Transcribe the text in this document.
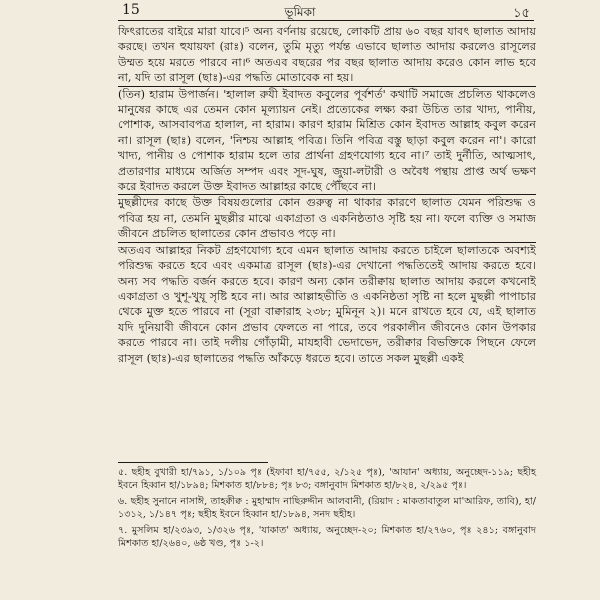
15	ভূমিকা	১৫

ফিৎরাতের বাইরে মারা যাবে।⁵ অন্য বর্ণনায় রয়েছে, লোকটি প্রায় ৬০ বছর যাবৎ ছালাত আদায় করছে। তখন হুযায়ফা (রাঃ) বলেন, তুমি মৃত্যু পর্যন্ত এভাবে ছালাত আদায় করলেও রাসূলের উম্মত হয়ে মরতে পারবে না।⁶ অতএব বছরের পর বছর ছালাত আদায় করেও কোন লাভ হবে না, যদি তা রাসূল (ছাঃ)-এর পদ্ধতি মোতাবেক না হয়।

(তিন) হারাম উপার্জন। 'হালাল রুযী ইবাদত কবুলের পূর্বশর্ত' কথাটি সমাজে প্রচলিত থাকলেও মানুষের কাছে এর তেমন কোন মূল্যায়ন নেই। প্রত্যেকের লক্ষ্য করা উচিত তার খাদ্য, পানীয়, পোশাক, আসবাবপত্র হালাল, না হারাম। কারণ হারাম মিশ্রিত কোন ইবাদত আল্লাহ কবুল করেন না। রাসূল (ছাঃ) বলেন, 'নিশ্চয় আল্লাহ পবিত্র। তিনি পবিত্র বস্তু ছাড়া কবুল করেন না'। কারো খাদ্য, পানীয় ও পোশাক হারাম হলে তার প্রার্থনা গ্রহণযোগ্য হবে না।⁷ তাই দুর্নীতি, আত্মসাৎ, প্রতারণার মাধ্যমে অর্জিত সম্পদ এবং সূদ-ঘুষ, জুয়া-লটারী ও অবৈধ পন্থায় প্রাপ্ত অর্থ ভক্ষণ করে ইবাদত করলে উক্ত ইবাদত আল্লাহর কাছে পৌঁছবে না।

মুছল্লীদের কাছে উক্ত বিষয়গুলোর কোন গুরুত্ব না থাকার কারণে ছালাত যেমন পরিশুদ্ধ ও পবিত্র হয় না, তেমনি মুছল্লীর মাঝে একাগ্রতা ও একনিষ্ঠতাও সৃষ্টি হয় না। ফলে ব্যক্তি ও সমাজ জীবনে প্রচলিত ছালাতের কোন প্রভাবও পড়ে না।

অতএব আল্লাহর নিকট গ্রহণযোগ্য হবে এমন ছালাত আদায় করতে চাইলে ছালাতকে অবশ্যই পরিশুদ্ধ করতে হবে এবং একমাত্র রাসূল (ছাঃ)-এর দেখানো পদ্ধতিতেই আদায় করতে হবে। অন্য সব পদ্ধতি বর্জন করতে হবে। কারণ অন্য কোন তরীক্বায় ছালাত আদায় করলে কখনোই একাগ্রতা ও খুশূ-খুযূ সৃষ্টি হবে না। আর আল্লাহভীতি ও একনিষ্ঠতা সৃষ্টি না হলে মুছল্লী পাপাচার থেকে মুক্ত হতে পারবে না (সূরা বাক্বারাহ ২৩৮; মুমিনূন ২)। মনে রাখতে হবে যে, এই ছালাত যদি দুনিয়াবী জীবনে কোন প্রভাব ফেলতে না পারে, তবে পরকালীন জীবনেও কোন উপকার করতে পারবে না। তাই দলীয় গোঁড়ামী, মাযহাবী ভেদাভেদ, তরীক্বার বিভক্তিকে পিছনে ফেলে রাসূল (ছাঃ)-এর ছালাতের পদ্ধতি আঁকড়ে ধরতে হবে। তাতে সকল মুছল্লী একই

৫. ছহীহ বুখারী হা/৭৯১, ১/১০৯ পৃঃ (ইফাবা হা/৭৫৫, ২/১২৫ পৃঃ), 'আযান' অধ্যায়, অনুচ্ছেদ-১১৯; ছহীহ ইবনে হিব্বান হা/১৮৯৪; মিশকাত হা/৮৮৪; পৃঃ ৮৩; বঙ্গানুবাদ মিশকাত হা/৮২৪, ২/২৯৫ পৃঃ।

৬. ছহীহ সুনানে নাসাঈ, তাহক্বীক্ব : মুহাম্মাদ নাছিরুদ্দীন আলবানী, (রিয়াদ : মাকতাবাতুল মা'আরিফ, তাবি), হা/১৩১২, ১/১৪৭ পৃঃ; ছহীহ ইবনে হিব্বান হা/১৮৯৪, সনদ ছহীহ।

৭. মুসলিম হা/২৩৯৩, ১/৩২৬ পৃঃ, 'যাকাত' অধ্যায়, অনুচ্ছেদ-২০; মিশকাত হা/২৭৬০, পৃঃ ২৪১; বঙ্গানুবাদ মিশকাত হা/২৬৪০, ৬ষ্ঠ খণ্ড, পৃঃ ১-২।
